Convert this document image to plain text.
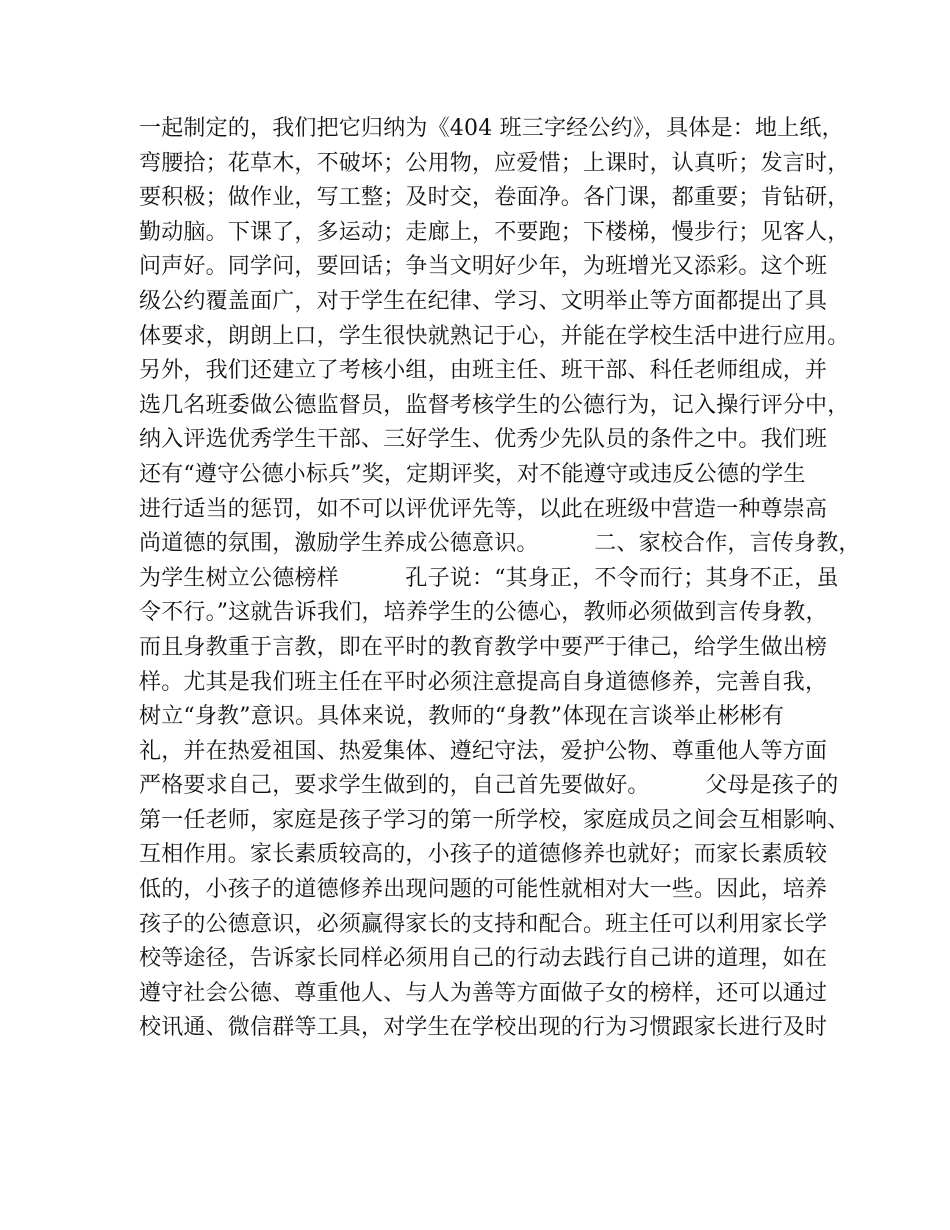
一起制定的，我们把它归纳为《404 班三字经公约》，具体是：地上纸，
弯腰拾；花草木，不破坏；公用物，应爱惜；上课时，认真听；发言时，
要积极；做作业，写工整；及时交，卷面净。各门课，都重要；肯钻研，
勤动脑。下课了，多运动；走廊上，不要跑；下楼梯，慢步行；见客人，
问声好。同学问，要回话；争当文明好少年，为班增光又添彩。这个班
级公约覆盖面广，对于学生在纪律、学习、文明举止等方面都提出了具
体要求，朗朗上口，学生很快就熟记于心，并能在学校生活中进行应用。
另外，我们还建立了考核小组，由班主任、班干部、科任老师组成，并
选几名班委做公德监督员，监督考核学生的公德行为，记入操行评分中，
纳入评选优秀学生干部、三好学生、优秀少先队员的条件之中。我们班
还有“遵守公德小标兵”奖，定期评奖，对不能遵守或违反公德的学生
进行适当的惩罚，如不可以评优评先等，以此在班级中营造一种尊崇高
尚道德的氛围，激励学生养成公德意识。　　　二、家校合作，言传身教，
为学生树立公德榜样　　　孔子说：“其身正，不令而行；其身不正，虽
令不行。”这就告诉我们，培养学生的公德心，教师必须做到言传身教，
而且身教重于言教，即在平时的教育教学中要严于律己，给学生做出榜
样。尤其是我们班主任在平时必须注意提高自身道德修养，完善自我，
树立“身教”意识。具体来说，教师的“身教”体现在言谈举止彬彬有
礼，并在热爱祖国、热爱集体、遵纪守法，爱护公物、尊重他人等方面
严格要求自己，要求学生做到的，自己首先要做好。　　　父母是孩子的
第一任老师，家庭是孩子学习的第一所学校，家庭成员之间会互相影响、
互相作用。家长素质较高的，小孩子的道德修养也就好；而家长素质较
低的，小孩子的道德修养出现问题的可能性就相对大一些。因此，培养
孩子的公德意识，必须赢得家长的支持和配合。班主任可以利用家长学
校等途径，告诉家长同样必须用自己的行动去践行自己讲的道理，如在
遵守社会公德、尊重他人、与人为善等方面做子女的榜样，还可以通过
校讯通、微信群等工具，对学生在学校出现的行为习惯跟家长进行及时
